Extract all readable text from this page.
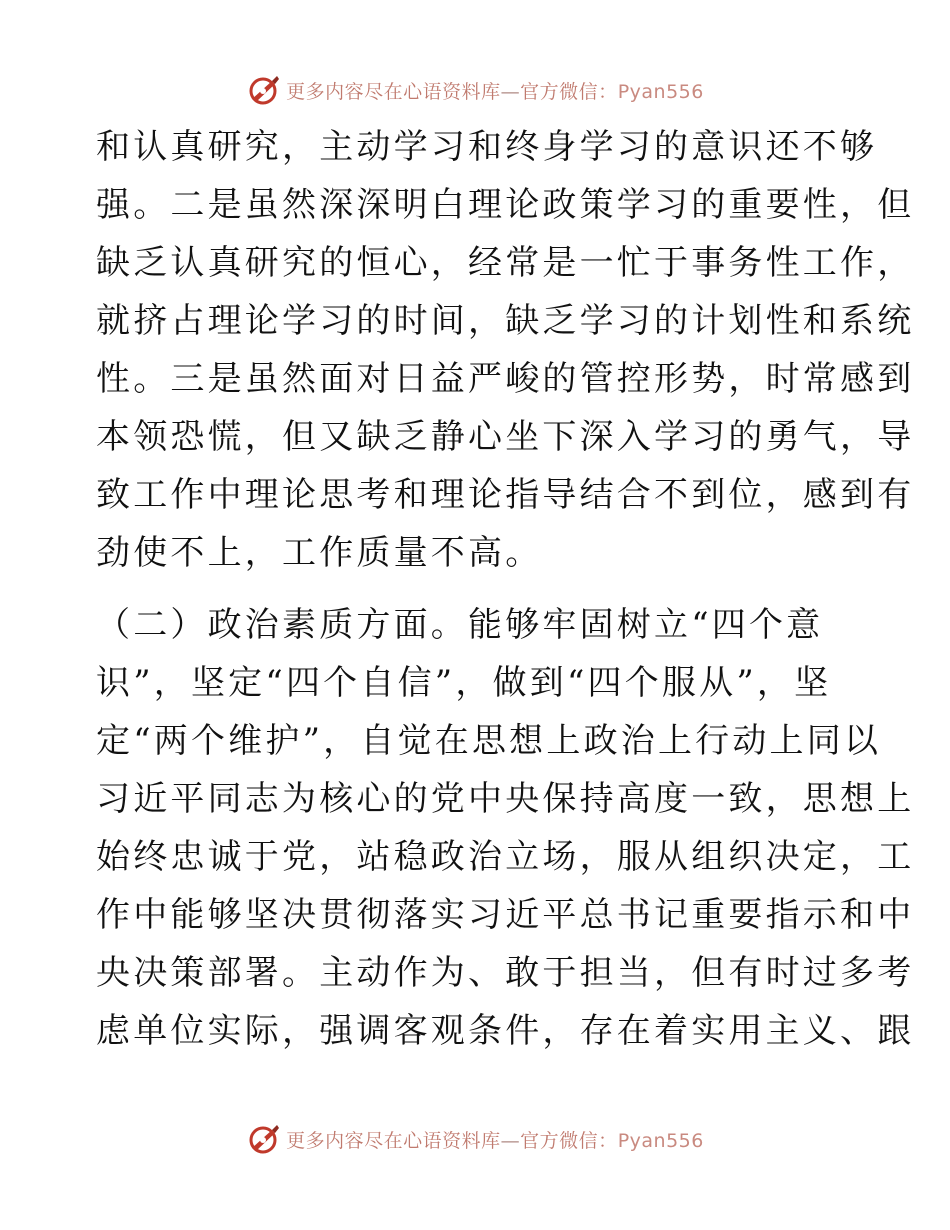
更多内容尽在心语资料库—官方微信：Pyan556
和认真研究，主动学习和终身学习的意识还不够
强。二是虽然深深明白理论政策学习的重要性，但
缺乏认真研究的恒心，经常是一忙于事务性工作，
就挤占理论学习的时间，缺乏学习的计划性和系统
性。三是虽然面对日益严峻的管控形势，时常感到
本领恐慌，但又缺乏静心坐下深入学习的勇气，导
致工作中理论思考和理论指导结合不到位，感到有
劲使不上，工作质量不高。
（二）政治素质方面。能够牢固树立“四个意
识”，坚定“四个自信”，做到“四个服从”，坚
定“两个维护”，自觉在思想上政治上行动上同以
习近平同志为核心的党中央保持高度一致，思想上
始终忠诚于党，站稳政治立场，服从组织决定，工
作中能够坚决贯彻落实习近平总书记重要指示和中
央决策部署。主动作为、敢于担当，但有时过多考
虑单位实际，强调客观条件，存在着实用主义、跟
更多内容尽在心语资料库—官方微信：Pyan556
